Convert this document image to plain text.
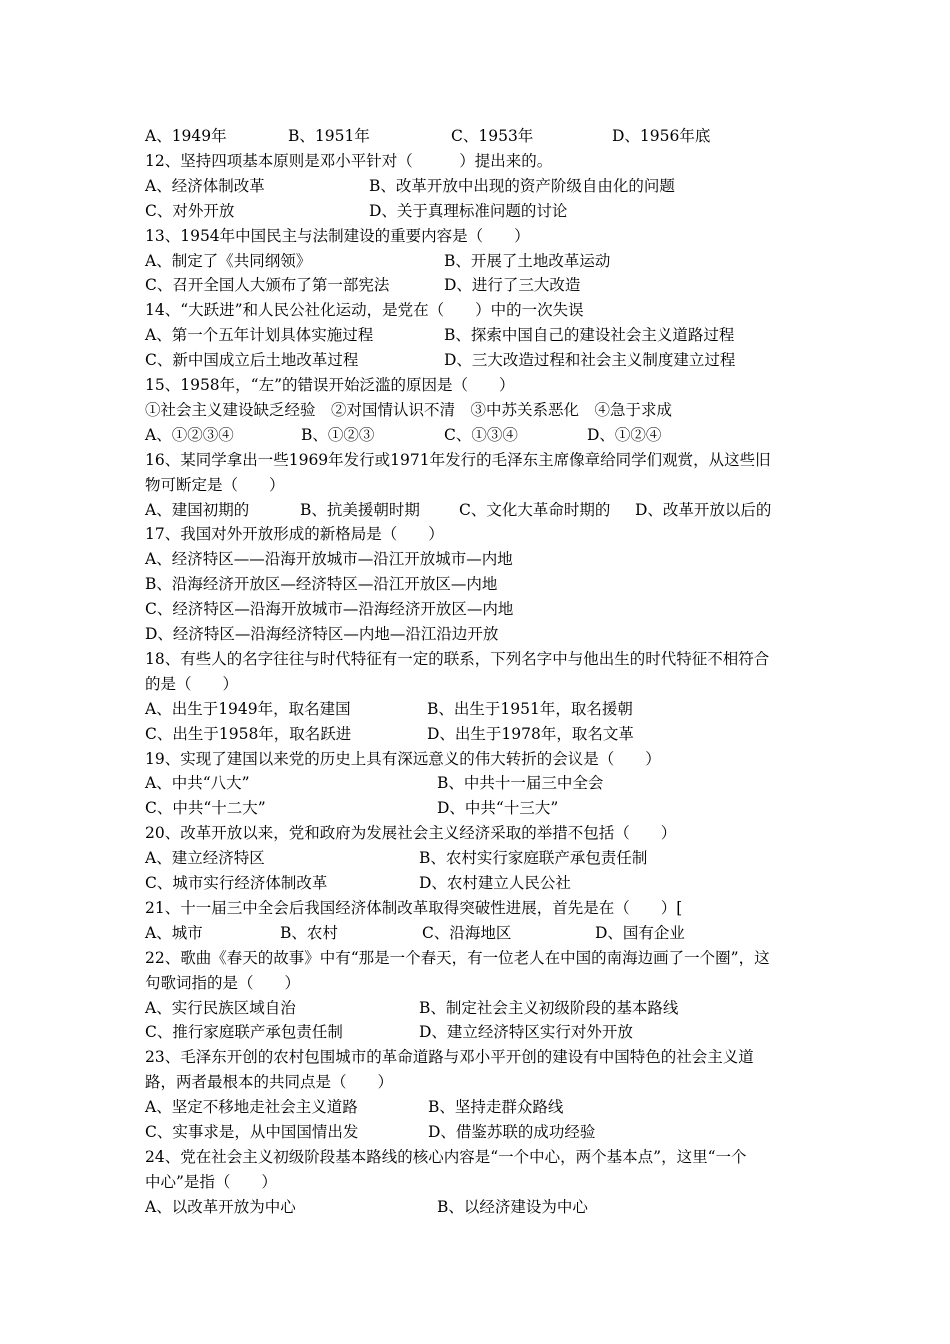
A、1949年	B、1951年	C、1953年	D、1956年底
12、坚持四项基本原则是邓小平针对（　　　）提出来的。
A、经济体制改革	B、改革开放中出现的资产阶级自由化的问题
C、对外开放	D、关于真理标准问题的讨论
13、1954年中国民主与法制建设的重要内容是（　　）
A、制定了《共同纲领》	B、开展了土地改革运动
C、召开全国人大颁布了第一部宪法	D、进行了三大改造
14、“大跃进”和人民公社化运动，是党在（　　）中的一次失误
A、第一个五年计划具体实施过程	B、探索中国自己的建设社会主义道路过程
C、新中国成立后土地改革过程	D、三大改造过程和社会主义制度建立过程
15、1958年，“左”的错误开始泛滥的原因是（　　）
①社会主义建设缺乏经验　②对国情认识不清　③中苏关系恶化　④急于求成
A、①②③④	B、①②③	C、①③④	D、①②④
16、某同学拿出一些1969年发行或1971年发行的毛泽东主席像章给同学们观赏，从这些旧
物可断定是（　　）
A、建国初期的	B、抗美援朝时期	C、文化大革命时期的 D、改革开放以后的
17、我国对外开放形成的新格局是（　　）
A、经济特区——沿海开放城市—沿江开放城市—内地
B、沿海经济开放区—经济特区—沿江开放区—内地
C、经济特区—沿海开放城市—沿海经济开放区—内地
D、经济特区—沿海经济特区—内地—沿江沿边开放
18、有些人的名字往往与时代特征有一定的联系，下列名字中与他出生的时代特征不相符合
的是（　　）
A、出生于1949年，取名建国	B、出生于1951年，取名援朝
C、出生于1958年，取名跃进	D、出生于1978年，取名文革
19、实现了建国以来党的历史上具有深远意义的伟大转折的会议是（　　）
A、中共“八大”	B、中共十一届三中全会
C、中共“十二大”	D、中共“十三大”
20、改革开放以来，党和政府为发展社会主义经济采取的举措不包括（　　）
A、建立经济特区	B、农村实行家庭联产承包责任制
C、城市实行经济体制改革	D、农村建立人民公社
21、十一届三中全会后我国经济体制改革取得突破性进展，首先是在（　　）[
A、城市	B、农村	C、沿海地区	D、国有企业
22、歌曲《春天的故事》中有“那是一个春天，有一位老人在中国的南海边画了一个圈”，这
句歌词指的是（　　）
A、实行民族区域自治	B、制定社会主义初级阶段的基本路线
C、推行家庭联产承包责任制	D、建立经济特区实行对外开放
23、毛泽东开创的农村包围城市的革命道路与邓小平开创的建设有中国特色的社会主义道
路，两者最根本的共同点是（　　）
A、坚定不移地走社会主义道路	B、坚持走群众路线
C、实事求是，从中国国情出发	D、借鉴苏联的成功经验
24、党在社会主义初级阶段基本路线的核心内容是“一个中心，两个基本点”，这里“一个
中心”是指（　　）
A、以改革开放为中心	B、以经济建设为中心
